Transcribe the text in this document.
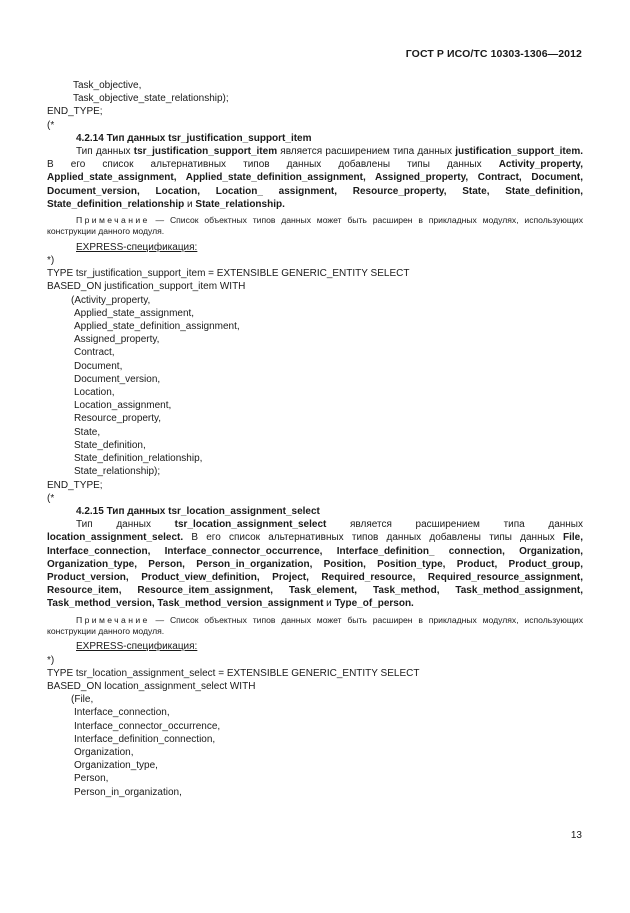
ГОСТ Р ИСО/ТС 10303-1306—2012
Task_objective,
Task_objective_state_relationship);
END_TYPE;
(*
4.2.14 Тип данных tsr_justification_support_item
Тип данных tsr_justification_support_item является расширением типа данных justification_support_item. В его список альтернативных типов данных добавлены типы данных Activity_property, Applied_state_assignment, Applied_state_definition_assignment, Assigned_property, Contract, Document, Document_version, Location, Location_ assignment, Resource_property, State, State_definition, State_definition_relationship и State_relationship.
Примечание — Список объектных типов данных может быть расширен в прикладных модулях, использующих конструкции данного модуля.
EXPRESS-спецификация:
*)
TYPE tsr_justification_support_item = EXTENSIBLE GENERIC_ENTITY SELECT
BASED_ON justification_support_item WITH
(Activity_property,
Applied_state_assignment,
Applied_state_definition_assignment,
Assigned_property,
Contract,
Document,
Document_version,
Location,
Location_assignment,
Resource_property,
State,
State_definition,
State_definition_relationship,
State_relationship);
END_TYPE;
(*
4.2.15 Тип данных tsr_location_assignment_select
Тип данных tsr_location_assignment_select является расширением типа данных location_assignment_select. В его список альтернативных типов данных добавлены типы данных File, Interface_connection, Interface_connector_occurrence, Interface_definition_ connection, Organization, Organization_type, Person, Person_in_organization, Position, Position_type, Product, Product_group, Product_version, Product_view_definition, Project, Required_resource, Required_resource_assignment, Resource_item, Resource_item_assignment, Task_element, Task_method, Task_method_assignment, Task_method_version, Task_method_version_assignment и Type_of_person.
Примечание — Список объектных типов данных может быть расширен в прикладных модулях, использующих конструкции данного модуля.
EXPRESS-спецификация:
*)
TYPE tsr_location_assignment_select = EXTENSIBLE GENERIC_ENTITY SELECT
BASED_ON location_assignment_select WITH
(File,
Interface_connection,
Interface_connector_occurrence,
Interface_definition_connection,
Organization,
Organization_type,
Person,
Person_in_organization,
13
